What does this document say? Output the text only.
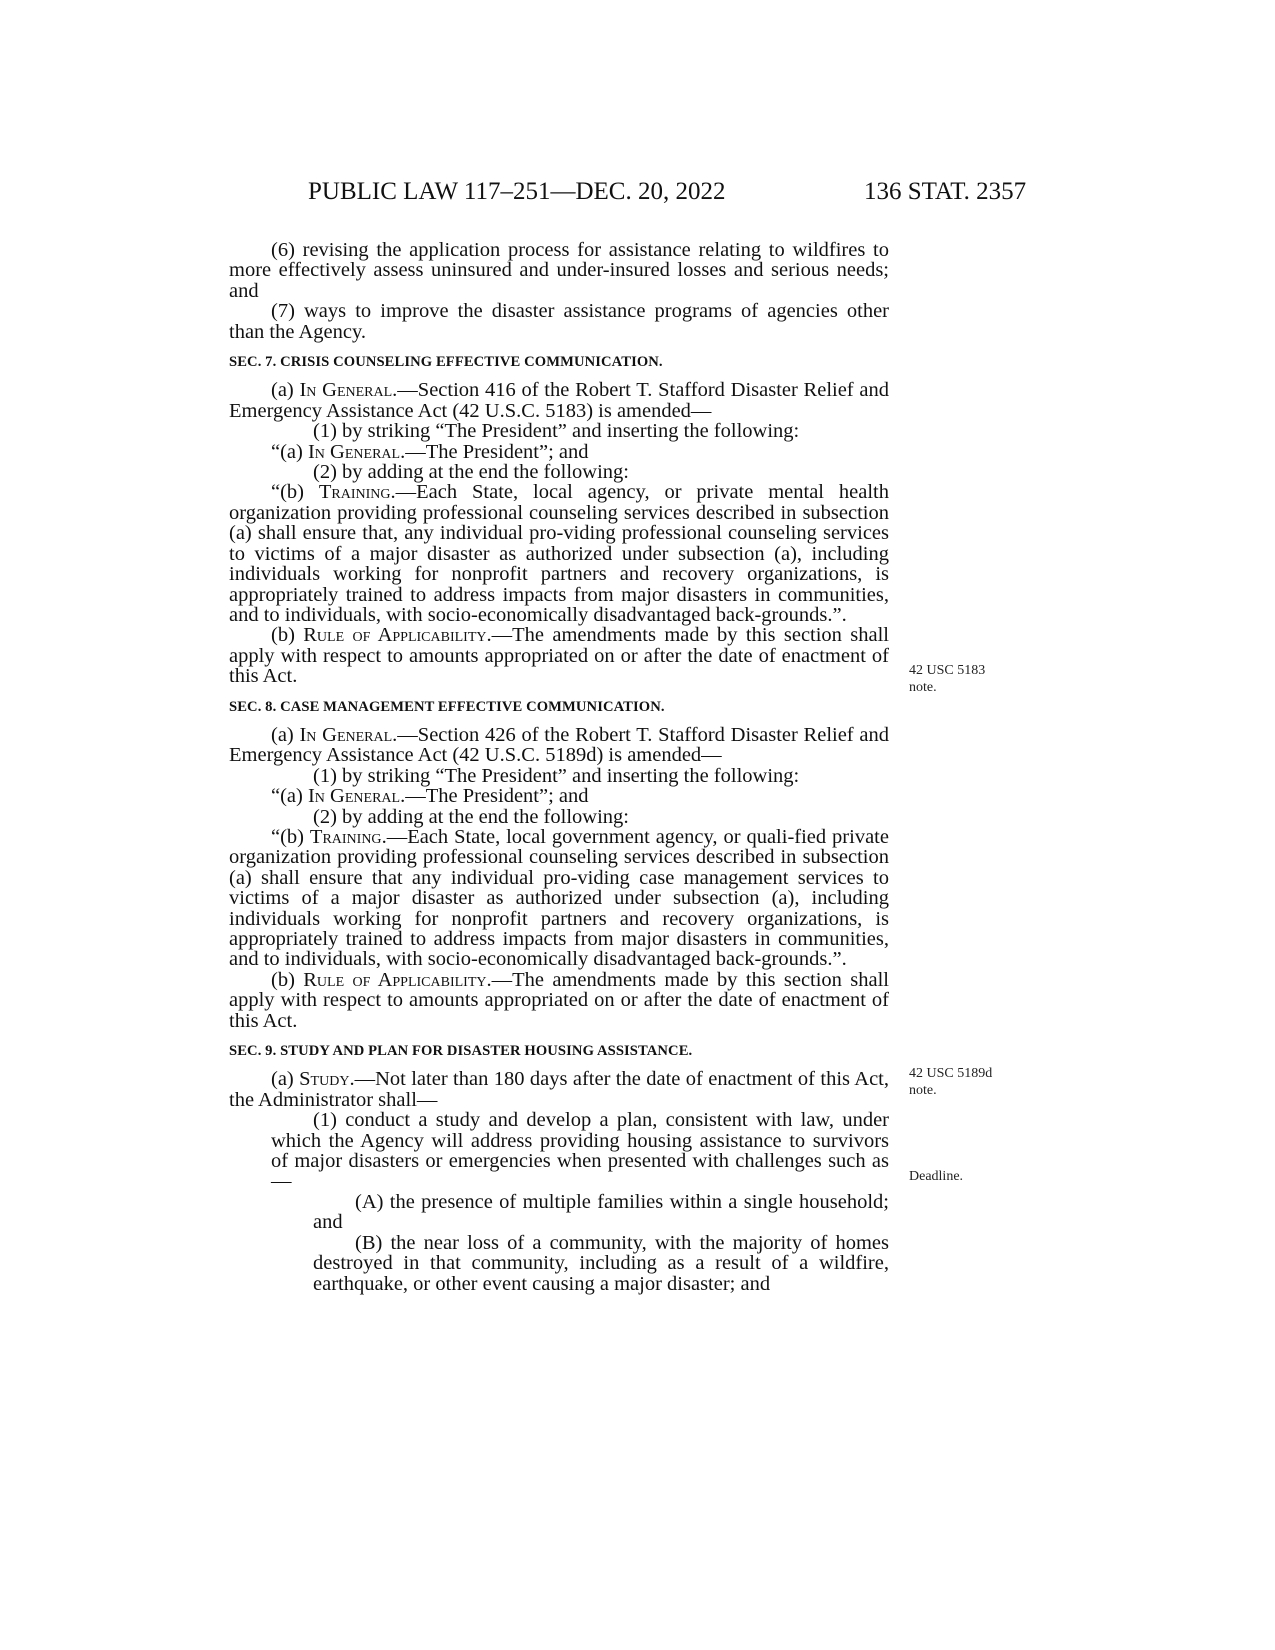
PUBLIC LAW 117–251—DEC. 20, 2022	136 STAT. 2357

(6) revising the application process for assistance relating to wildfires to more effectively assess uninsured and under-insured losses and serious needs; and

(7) ways to improve the disaster assistance programs of agencies other than the Agency.

SEC. 7. CRISIS COUNSELING EFFECTIVE COMMUNICATION.

(a) In General.—Section 416 of the Robert T. Stafford Disaster Relief and Emergency Assistance Act (42 U.S.C. 5183) is amended—

(1) by striking “The President” and inserting the following:

“(a) In General.—The President”; and

(2) by adding at the end the following:

“(b) Training.—Each State, local agency, or private mental health organization providing professional counseling services described in subsection (a) shall ensure that, any individual pro-viding professional counseling services to victims of a major disaster as authorized under subsection (a), including individuals working for nonprofit partners and recovery organizations, is appropriately trained to address impacts from major disasters in communities, and to individuals, with socio-economically disadvantaged back-grounds.”.

(b) Rule of Applicability.—The amendments made by this section shall apply with respect to amounts appropriated on or after the date of enactment of this Act.

SEC. 8. CASE MANAGEMENT EFFECTIVE COMMUNICATION.

(a) In General.—Section 426 of the Robert T. Stafford Disaster Relief and Emergency Assistance Act (42 U.S.C. 5189d) is amended—

(1) by striking “The President” and inserting the following:

“(a) In General.—The President”; and

(2) by adding at the end the following:

“(b) Training.—Each State, local government agency, or quali-fied private organization providing professional counseling services described in subsection (a) shall ensure that any individual pro-viding case management services to victims of a major disaster as authorized under subsection (a), including individuals working for nonprofit partners and recovery organizations, is appropriately trained to address impacts from major disasters in communities, and to individuals, with socio-economically disadvantaged back-grounds.”.

(b) Rule of Applicability.—The amendments made by this section shall apply with respect to amounts appropriated on or after the date of enactment of this Act.

SEC. 9. STUDY AND PLAN FOR DISASTER HOUSING ASSISTANCE.

(a) Study.—Not later than 180 days after the date of enactment of this Act, the Administrator shall—

(1) conduct a study and develop a plan, consistent with law, under which the Agency will address providing housing assistance to survivors of major disasters or emergencies when presented with challenges such as—

(A) the presence of multiple families within a single household; and

(B) the near loss of a community, with the majority of homes destroyed in that community, including as a result of a wildfire, earthquake, or other event causing a major disaster; and

42 USC 5183
note.
42 USC 5189d
note.
Deadline.
